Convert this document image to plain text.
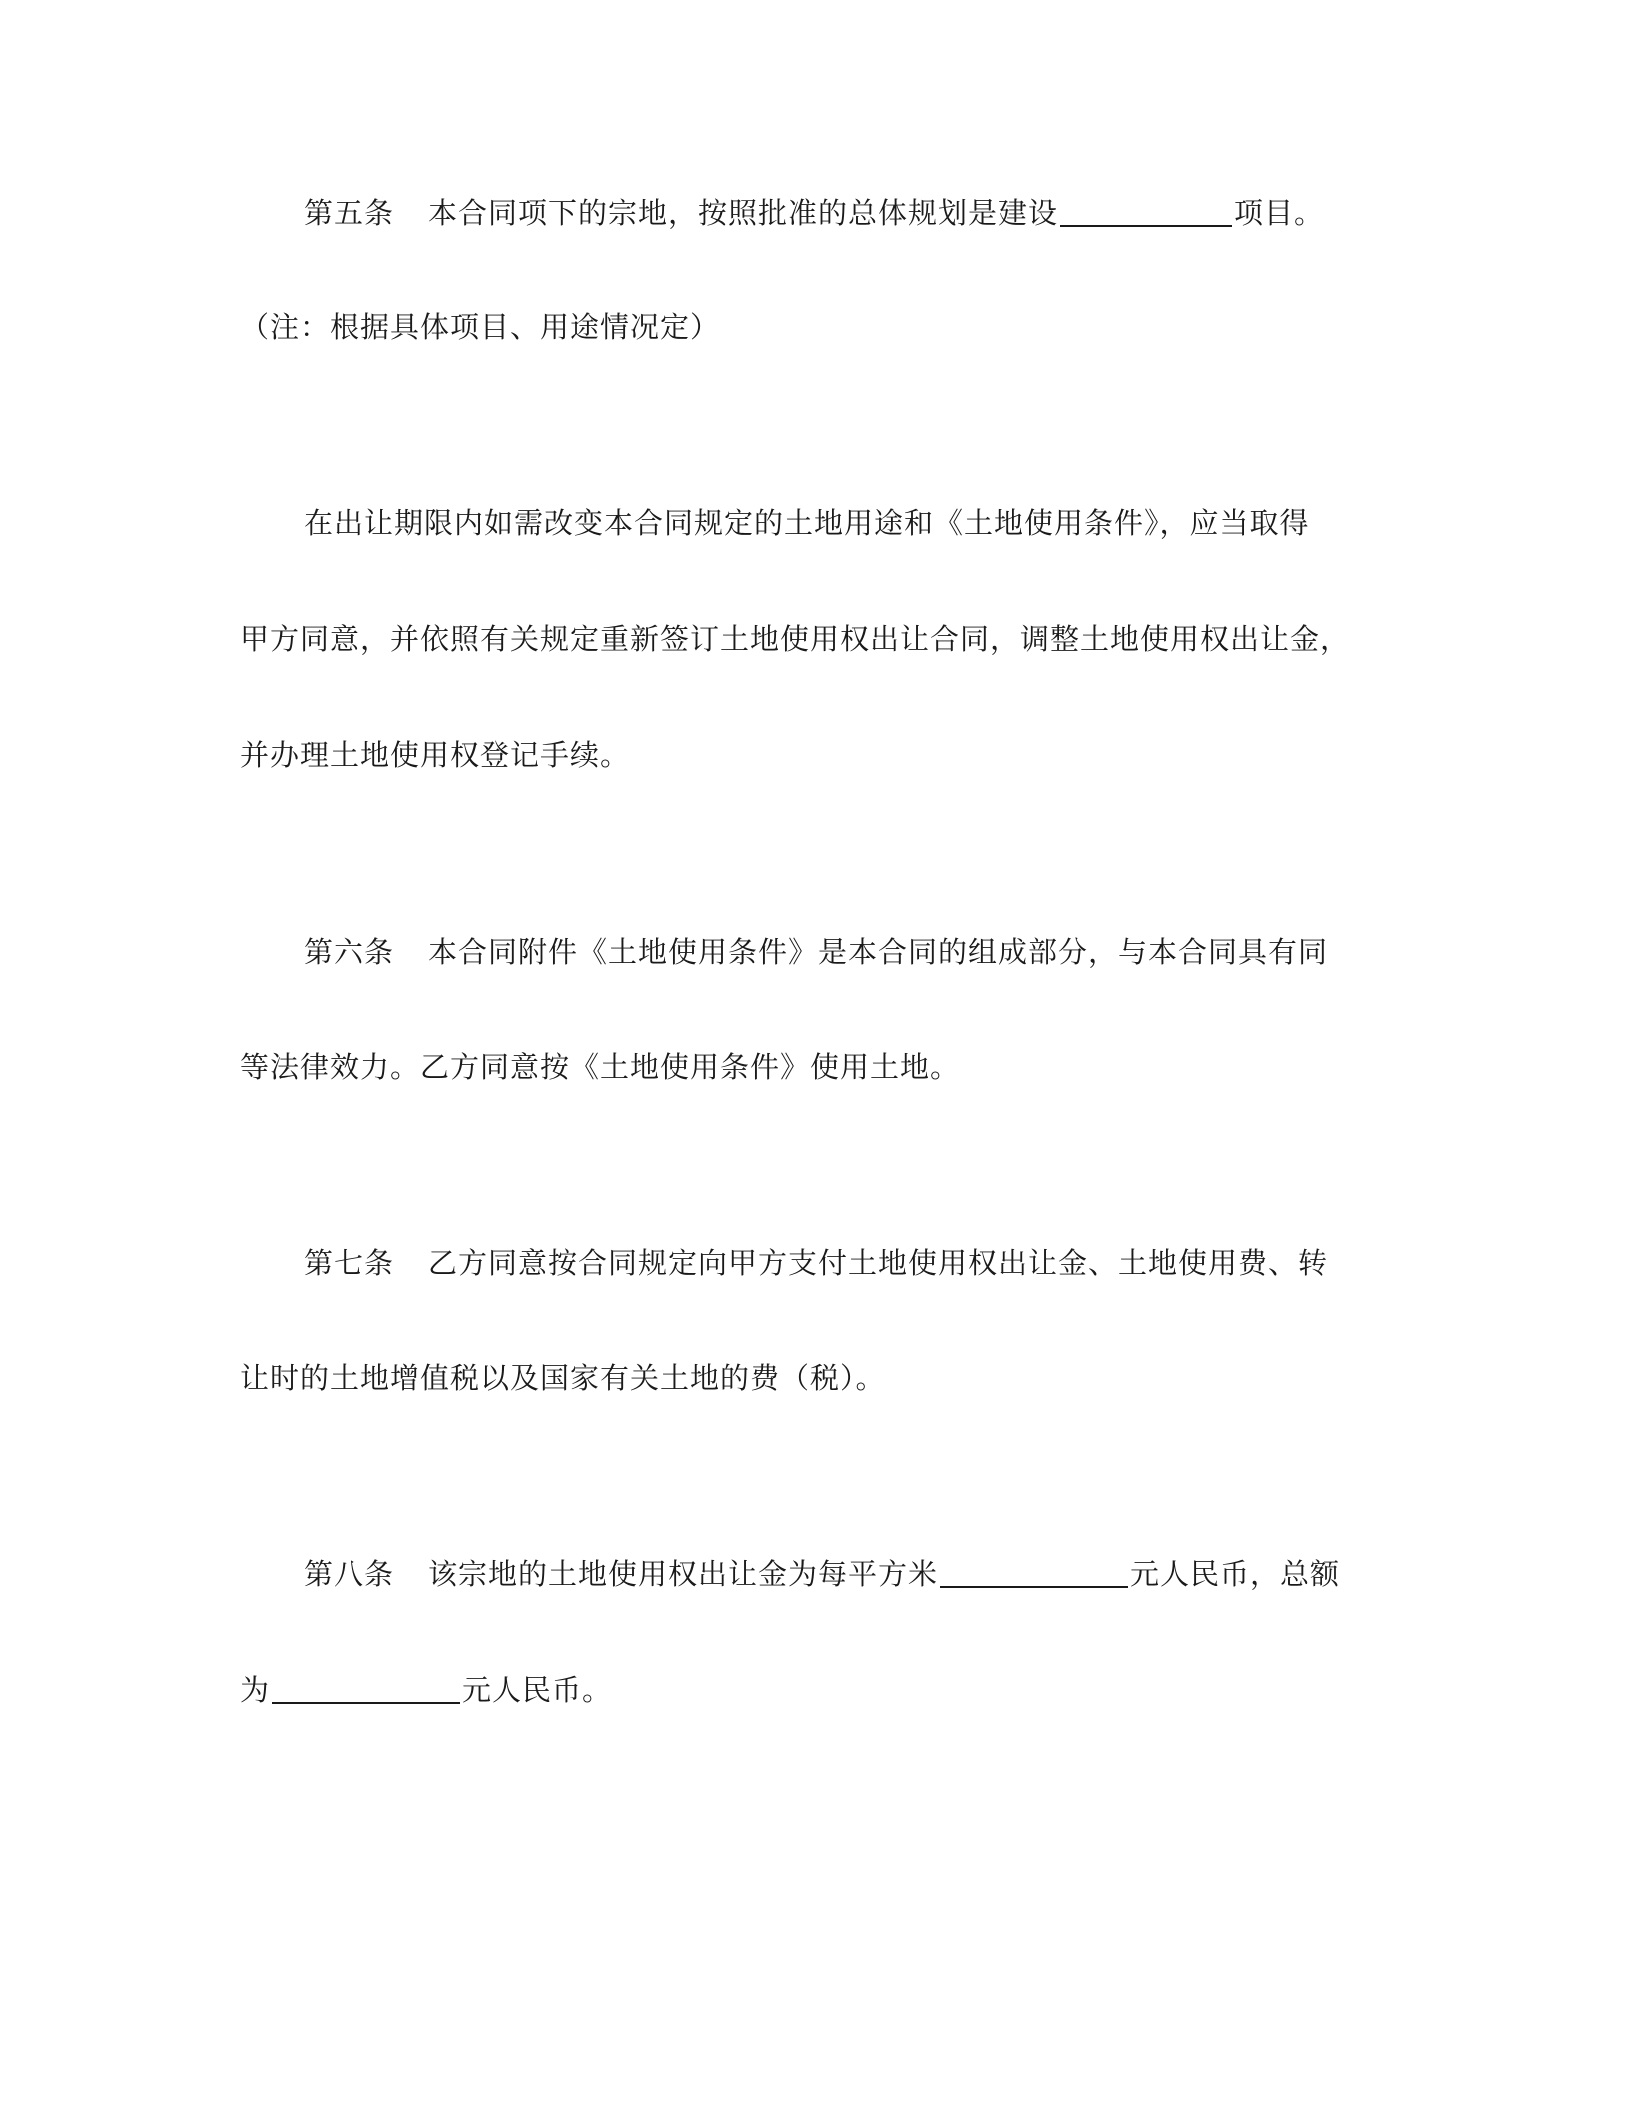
第五条 本合同项下的宗地，按照批准的总体规划是建设	项目。
（注：根据具体项目、用途情况定）
在出让期限内如需改变本合同规定的土地用途和《土地使用条件》，应当取得
甲方同意，并依照有关规定重新签订土地使用权出让合同，调整土地使用权出让金，
并办理土地使用权登记手续。
第六条 本合同附件《土地使用条件》是本合同的组成部分，与本合同具有同
等法律效力。乙方同意按《土地使用条件》使用土地。
第七条 乙方同意按合同规定向甲方支付土地使用权出让金、土地使用费、转
让时的土地增值税以及国家有关土地的费（税）。
第八条 该宗地的土地使用权出让金为每平方米	元人民币，总额
为	元人民币。
